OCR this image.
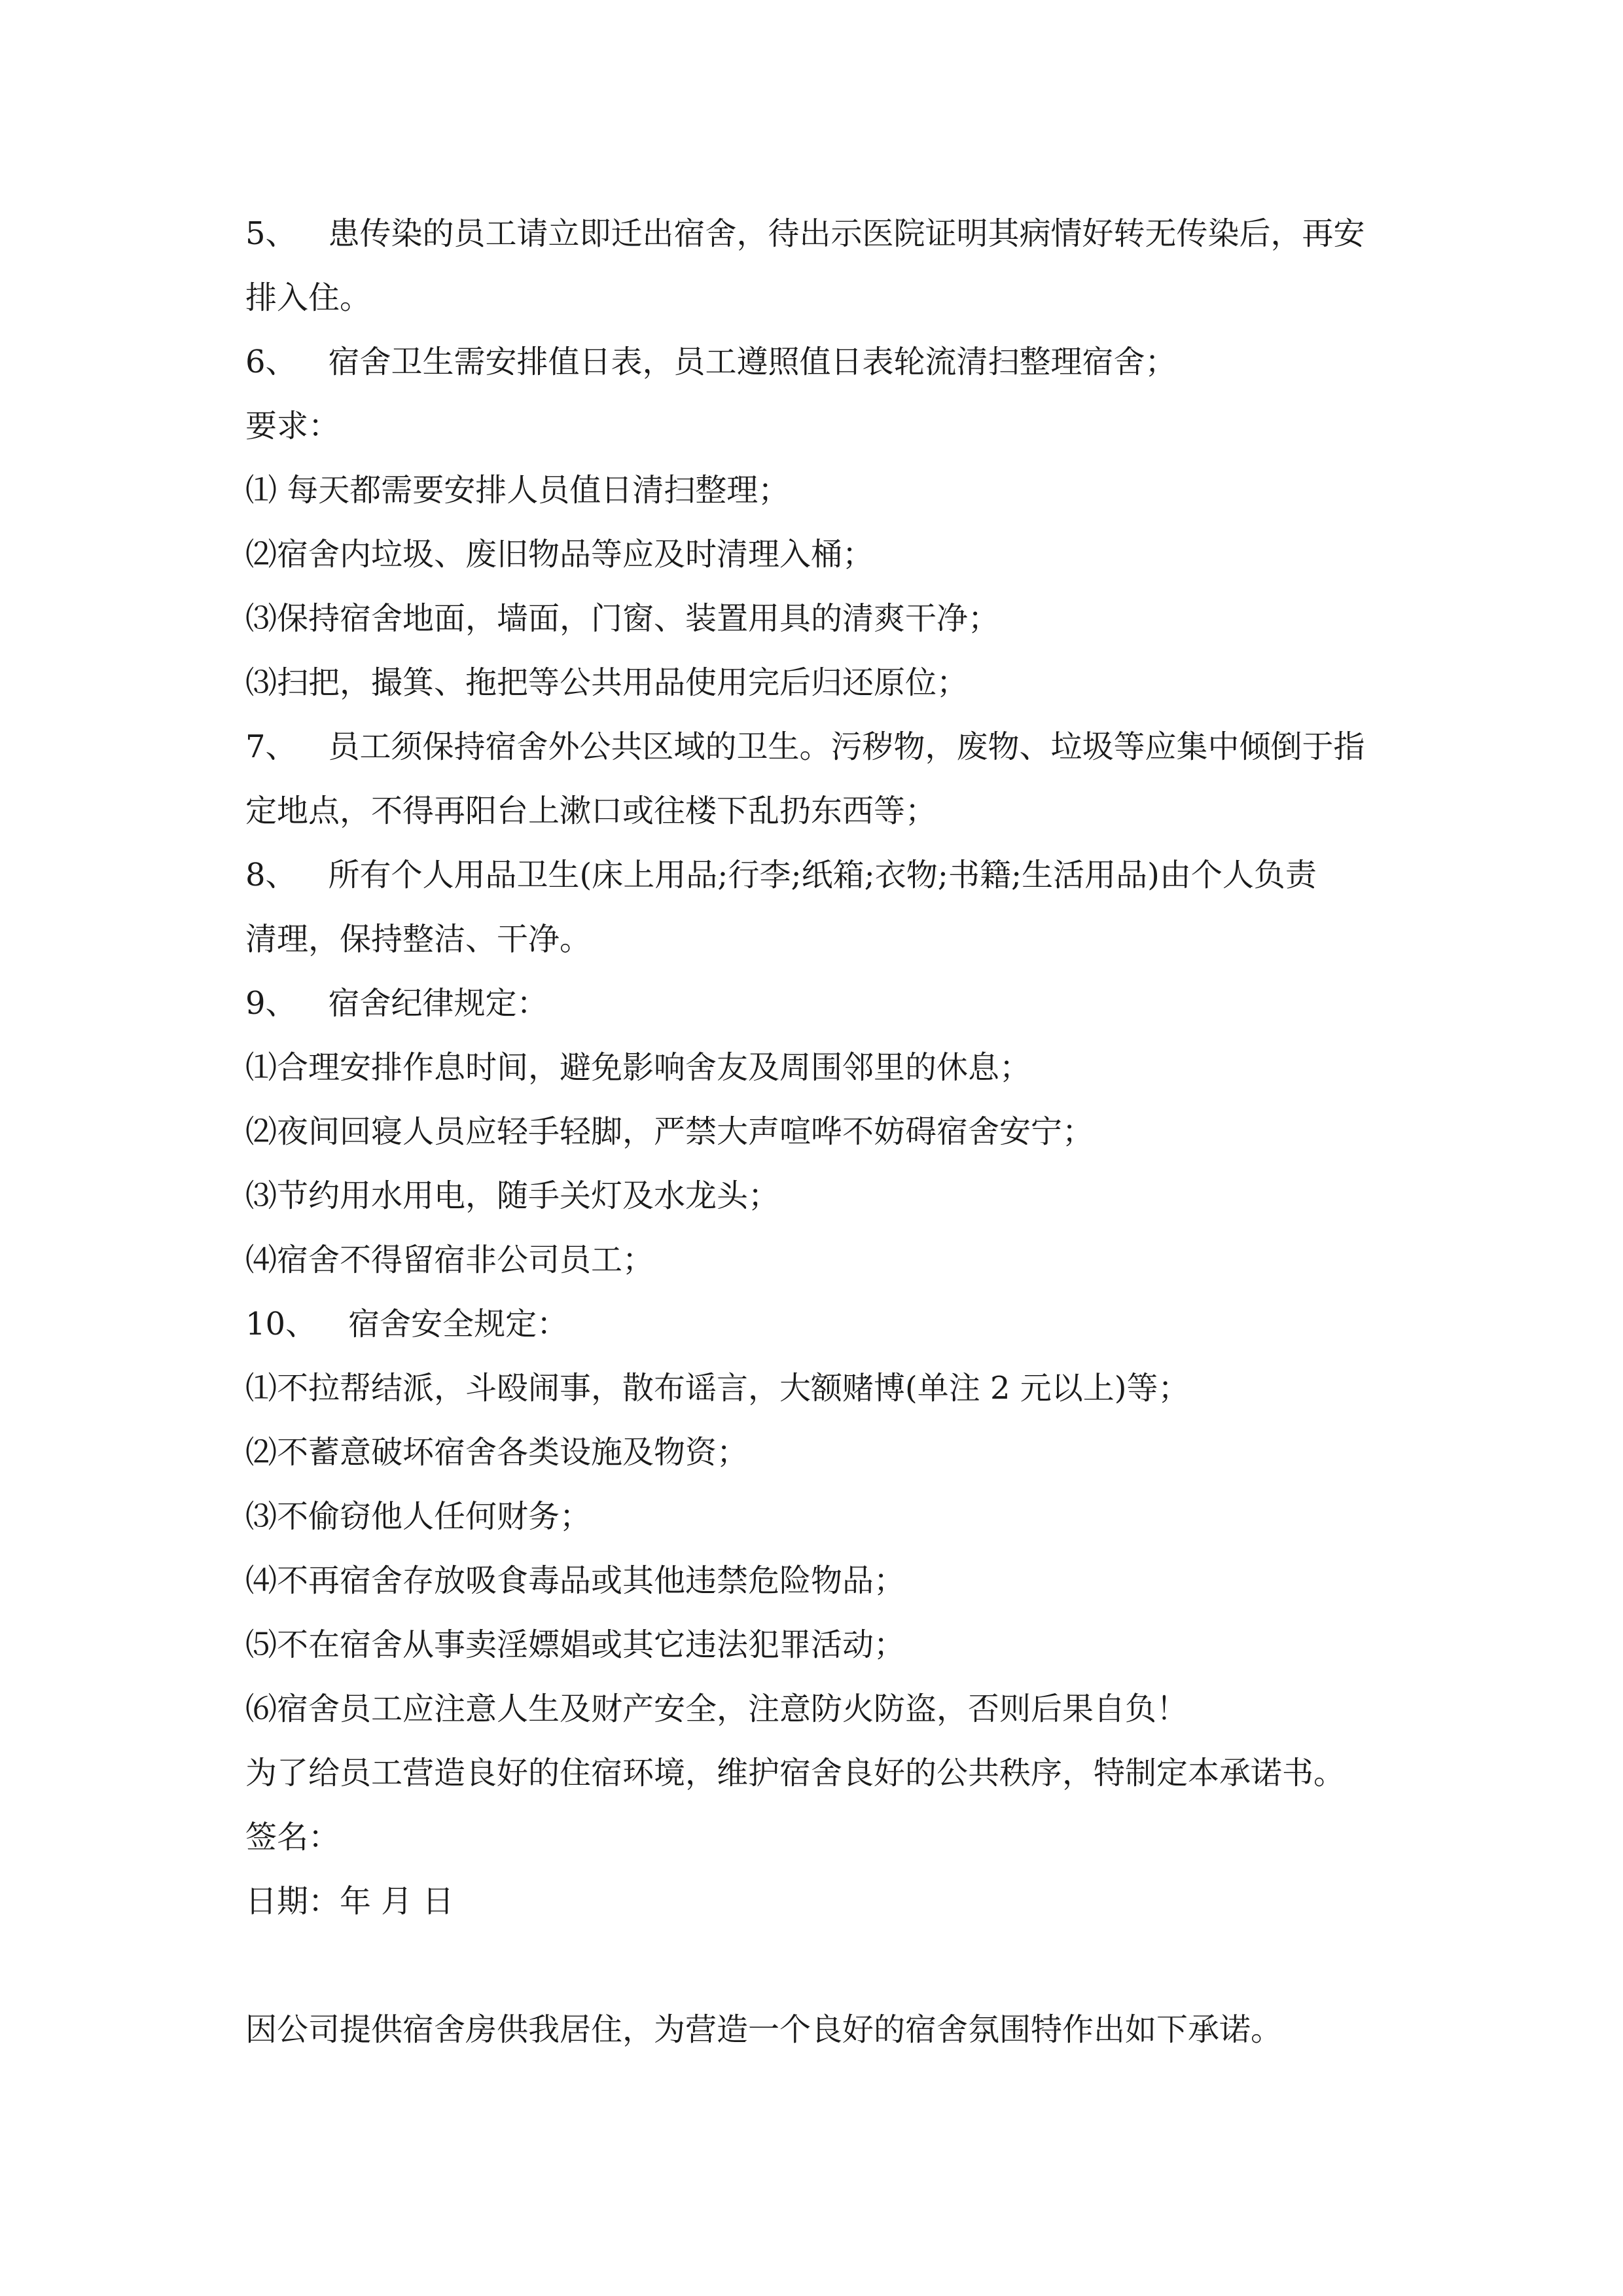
5、 患传染的员工请立即迁出宿舍，待出示医院证明其病情好转无传染后，再安

排入住。

6、 宿舍卫生需安排值日表，员工遵照值日表轮流清扫整理宿舍；

要求：

⑴ 每天都需要安排人员值日清扫整理；

⑵宿舍内垃圾、废旧物品等应及时清理入桶；

⑶保持宿舍地面，墙面，门窗、装置用具的清爽干净；

⑶扫把，撮箕、拖把等公共用品使用完后归还原位；

7、 员工须保持宿舍外公共区域的卫生。污秽物，废物、垃圾等应集中倾倒于指

定地点，不得再阳台上漱口或往楼下乱扔东西等；

8、 所有个人用品卫生(床上用品;行李;纸箱;衣物;书籍;生活用品)由个人负责

清理，保持整洁、干净。

9、 宿舍纪律规定：

⑴合理安排作息时间，避免影响舍友及周围邻里的休息；

⑵夜间回寝人员应轻手轻脚，严禁大声喧哗不妨碍宿舍安宁；

⑶节约用水用电，随手关灯及水龙头；

⑷宿舍不得留宿非公司员工；

10、 宿舍安全规定：

⑴不拉帮结派，斗殴闹事，散布谣言，大额赌博(单注 2 元以上)等；

⑵不蓄意破坏宿舍各类设施及物资；

⑶不偷窃他人任何财务；

⑷不再宿舍存放吸食毒品或其他违禁危险物品；

⑸不在宿舍从事卖淫嫖娼或其它违法犯罪活动；

⑹宿舍员工应注意人生及财产安全，注意防火防盗，否则后果自负！

为了给员工营造良好的住宿环境，维护宿舍良好的公共秩序，特制定本承诺书。

签名：

日期：年 月 日

因公司提供宿舍房供我居住，为营造一个良好的宿舍氛围特作出如下承诺。
